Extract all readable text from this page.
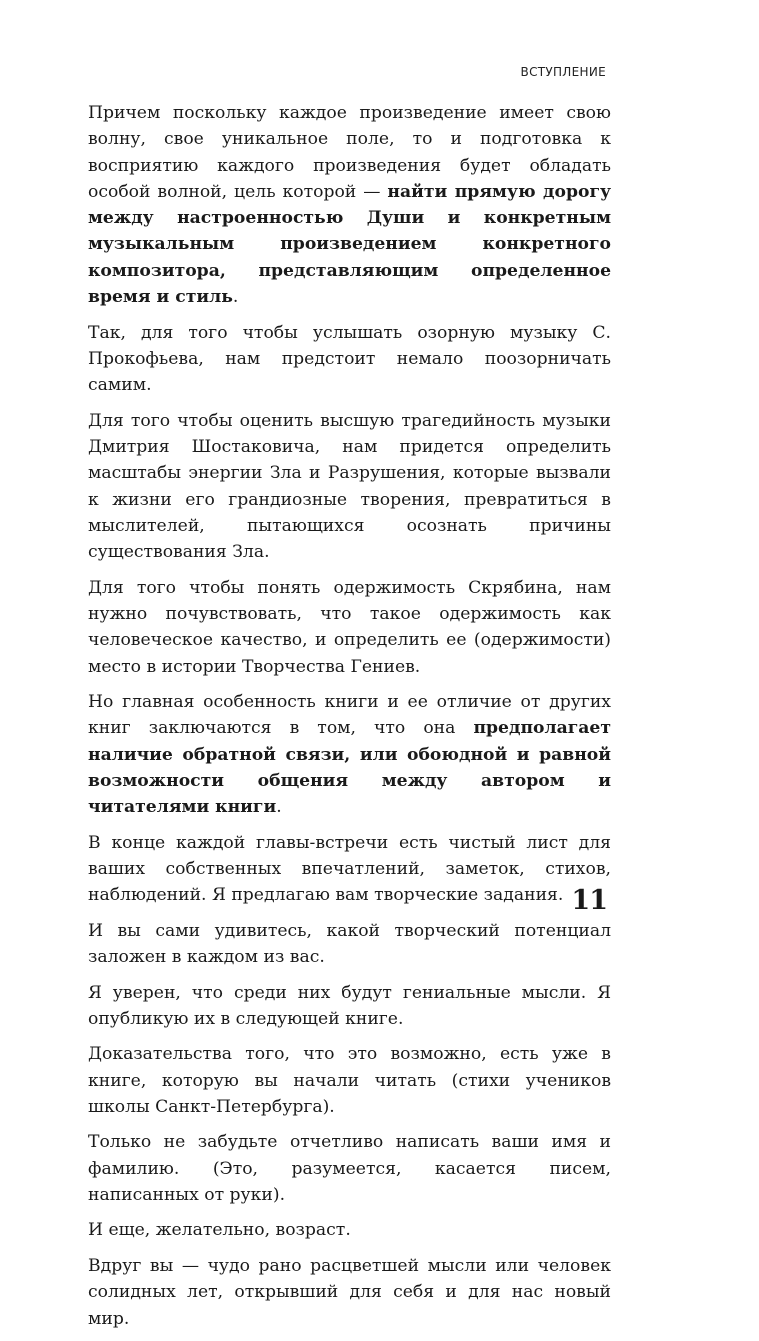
ВСТУПЛЕНИЕ

Причем поскольку каждое произведение имеет свою волну, свое уникальное поле, то и подготовка к восприятию каждого произведения будет обладать особой волной, цель которой — найти прямую дорогу между настроенностью Души и конкретным музыкальным произведением конкретного композитора, представляющим определенное время и стиль.

Так, для того чтобы услышать озорную музыку С. Прокофьева, нам предстоит немало поозорничать самим.

Для того чтобы оценить высшую трагедийность музыки Дмитрия Шостаковича, нам придется определить масштабы энергии Зла и Разрушения, которые вызвали к жизни его грандиозные творения, превратиться в мыслителей, пытающихся осознать причины существования Зла.

Для того чтобы понять одержимость Скрябина, нам нужно почувствовать, что такое одержимость как человеческое качество, и определить ее (одержимости) место в истории Творчества Гениев.

Но главная особенность книги и ее отличие от других книг заключаются в том, что она предполагает наличие обратной связи, или обоюдной и равной возможности общения между автором и читателями книги.

В конце каждой главы-встречи есть чистый лист для ваших собственных впечатлений, заметок, стихов, наблюдений. Я предлагаю вам творческие задания.

И вы сами удивитесь, какой творческий потенциал заложен в каждом из вас.

Я уверен, что среди них будут гениальные мысли. Я опубликую их в следующей книге.

Доказательства того, что это возможно, есть уже в книге, которую вы начали читать (стихи учеников школы Санкт-Петербурга).

Только не забудьте отчетливо написать ваши имя и фамилию. (Это, разумеется, касается писем, написанных от руки).

И еще, желательно, возраст.

Вдруг вы — чудо рано расцветшей мысли или человек солидных лет, открывший для себя и для нас новый мир.

11
